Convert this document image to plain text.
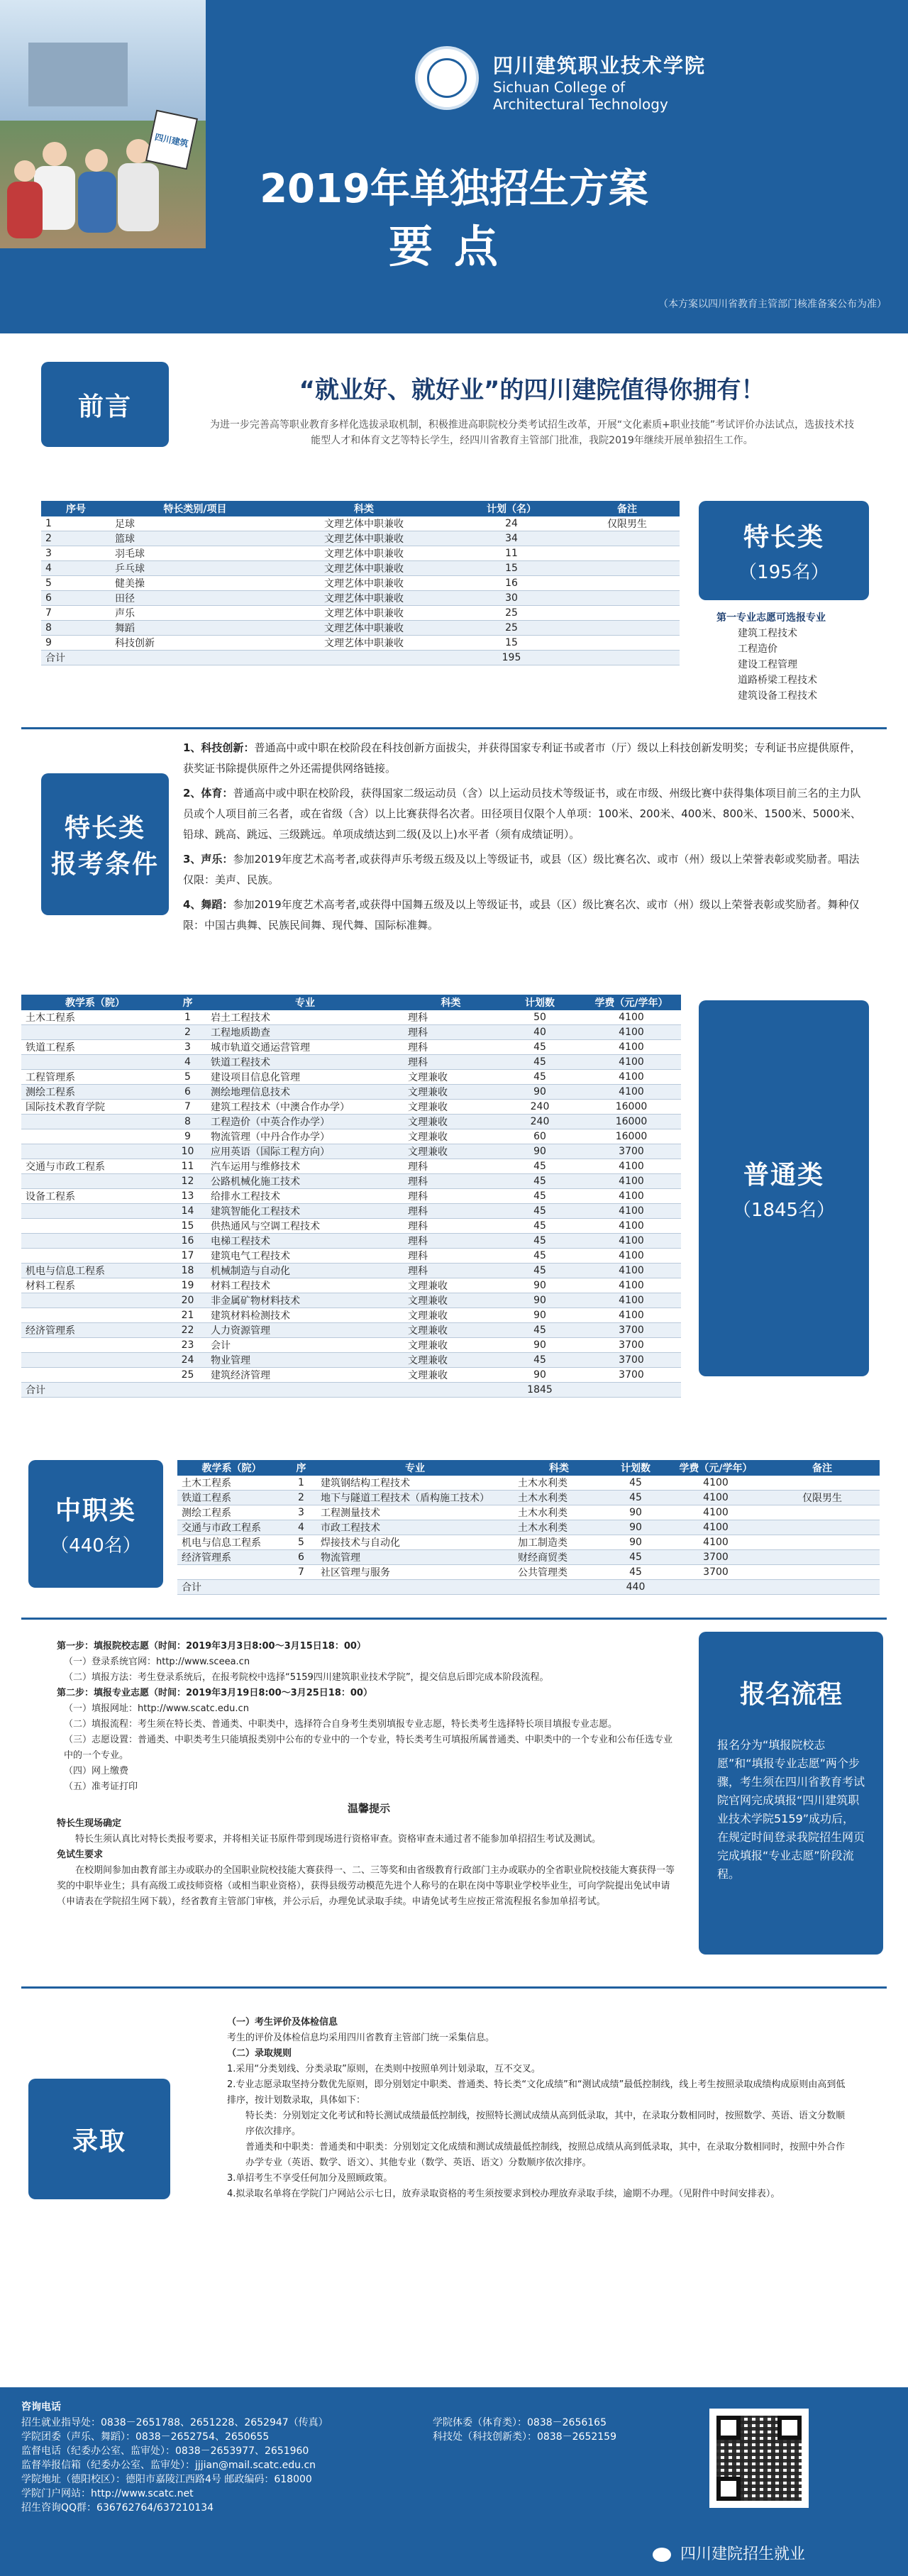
四川建筑
四川建筑职业技术学院
Sichuan College of
Architectural Technology
2019年单独招生方案
要点
（本方案以四川省教育主管部门核准备案公布为准）
前言
“就业好、就好业”的四川建院值得你拥有！
为进一步完善高等职业教育多样化选拔录取机制，积极推进高职院校分类考试招生改革，开展“文化素质+职业技能”考试评价办法试点，选拔技术技能型人才和体育文艺等特长学生，经四川省教育主管部门批准，我院2019年继续开展单独招生工作。
序号	特长类别/项目	科类	计划（名）	备注
1	足球	文理艺体中职兼收	24	仅限男生
2	篮球	文理艺体中职兼收	34	
3	羽毛球	文理艺体中职兼收	11	
4	乒乓球	文理艺体中职兼收	15	
5	健美操	文理艺体中职兼收	16	
6	田径	文理艺体中职兼收	30	
7	声乐	文理艺体中职兼收	25	
8	舞蹈	文理艺体中职兼收	25	
9	科技创新	文理艺体中职兼收	15	
合计			195	
特长类
（195名）
第一专业志愿可选报专业
建筑工程技术
工程造价
建设工程管理
道路桥梁工程技术
建筑设备工程技术
特长类
报考条件

1、科技创新：普通高中或中职在校阶段在科技创新方面拔尖，并获得国家专利证书或者市（厅）级以上科技创新发明奖；专利证书应提供原件，获奖证书除提供原件之外还需提供网络链接。

2、体育：普通高中或中职在校阶段，获得国家二级运动员（含）以上运动员技术等级证书，或在市级、州级比赛中获得集体项目前三名的主力队员或个人项目前三名者，或在省级（含）以上比赛获得名次者。田径项目仅限个人单项：100米、200米、400米、800米、1500米、5000米、铅球、跳高、跳远、三级跳远。单项成绩达到二级(及以上)水平者（须有成绩证明）。

3、声乐：参加2019年度艺术高考者,或获得声乐考级五级及以上等级证书，或县（区）级比赛名次、或市（州）级以上荣誉表彰或奖励者。唱法仅限：美声、民族。

4、舞蹈：参加2019年度艺术高考者,或获得中国舞五级及以上等级证书，或县（区）级比赛名次、或市（州）级以上荣誉表彰或奖励者。舞种仅限：中国古典舞、民族民间舞、现代舞、国际标准舞。

教学系（院）	序	专业	科类	计划数	学费（元/学年）
土木工程系	1	岩土工程技术	理科	50	4100
	2	工程地质勘查	理科	40	4100
铁道工程系	3	城市轨道交通运营管理	理科	45	4100
	4	铁道工程技术	理科	45	4100
工程管理系	5	建设项目信息化管理	文理兼收	45	4100
测绘工程系	6	测绘地理信息技术	文理兼收	90	4100
国际技术教育学院	7	建筑工程技术（中澳合作办学）	文理兼收	240	16000
	8	工程造价（中英合作办学）	文理兼收	240	16000
	9	物流管理（中丹合作办学）	文理兼收	60	16000
	10	应用英语（国际工程方向）	文理兼收	90	3700
交通与市政工程系	11	汽车运用与维修技术	理科	45	4100
	12	公路机械化施工技术	理科	45	4100
设备工程系	13	给排水工程技术	理科	45	4100
	14	建筑智能化工程技术	理科	45	4100
	15	供热通风与空调工程技术	理科	45	4100
	16	电梯工程技术	理科	45	4100
	17	建筑电气工程技术	理科	45	4100
机电与信息工程系	18	机械制造与自动化	理科	45	4100
材料工程系	19	材料工程技术	文理兼收	90	4100
	20	非金属矿物材料技术	文理兼收	90	4100
	21	建筑材料检测技术	文理兼收	90	4100
经济管理系	22	人力资源管理	文理兼收	45	3700
	23	会计	文理兼收	90	3700
	24	物业管理	文理兼收	45	3700
	25	建筑经济管理	文理兼收	90	3700
合计				1845	
普通类
（1845名）
中职类
（440名）
教学系（院）	序	专业	科类	计划数	学费（元/学年）	备注
土木工程系	1	建筑钢结构工程技术	土木水利类	45	4100	
铁道工程系	2	地下与隧道工程技术（盾构施工技术）	土木水利类	45	4100	仅限男生
测绘工程系	3	工程测量技术	土木水利类	90	4100	
交通与市政工程系	4	市政工程技术	土木水利类	90	4100	
机电与信息工程系	5	焊接技术与自动化	加工制造类	90	4100	
经济管理系	6	物流管理	财经商贸类	45	3700	
	7	社区管理与服务	公共管理类	45	3700	
合计				440		

第一步：填报院校志愿（时间：2019年3月3日8:00～3月15日18：00）

（一）登录系统官网：http://www.sceea.cn

（二）填报方法：考生登录系统后，在报考院校中选择“5159四川建筑职业技术学院”，提交信息后即完成本阶段流程。

第二步：填报专业志愿（时间：2019年3月19日8:00～3月25日18：00）

（一）填报网址：http://www.scatc.edu.cn

（二）填报流程：考生须在特长类、普通类、中职类中，选择符合自身考生类别填报专业志愿，特长类考生选择特长项目填报专业志愿。

（三）志愿设置：普通类、中职类考生只能填报类别中公布的专业中的一个专业，特长类考生可填报所属普通类、中职类中的一个专业和公布任选专业中的一个专业。

（四）网上缴费

（五）准考证打印

温馨提示

特长生现场确定

特长生须认真比对特长类报考要求，并将相关证书原件带到现场进行资格审查。资格审查未通过者不能参加单招招生考试及测试。

免试生要求

在校期间参加由教育部主办或联办的全国职业院校技能大赛获得一、二、三等奖和由省级教育行政部门主办或联办的全省职业院校技能大赛获得一等奖的中职毕业生；具有高级工或技师资格（或相当职业资格），获得县级劳动模范先进个人称号的在职在岗中等职业学校毕业生，可向学院提出免试申请（申请表在学院招生网下载），经省教育主管部门审核，并公示后，办理免试录取手续。申请免试考生应按正常流程报名参加单招考试。

报名流程
报名分为“填报院校志愿”和“填报专业志愿”两个步骤，考生须在四川省教育考试院官网完成填报“四川建筑职业技术学院5159”成功后，在规定时间登录我院招生网页完成填报“专业志愿”阶段流程。
录取

（一）考生评价及体检信息

考生的评价及体检信息均采用四川省教育主管部门统一采集信息。

（二）录取规则

1.采用“分类划线、分类录取”原则，在类则中按照单列计划录取，互不交叉。

2.专业志愿录取坚持分数优先原则，即分别划定中职类、普通类、特长类“文化成绩”和“测试成绩”最低控制线，线上考生按照录取成绩构成原则由高到低排序，按计划数录取，具体如下：

特长类：分别划定文化考试和特长测试成绩最低控制线，按照特长测试成绩从高到低录取，其中，在录取分数相同时，按照数学、英语、语文分数顺序依次排序。

普通类和中职类：普通类和中职类：分别划定文化成绩和测试成绩最低控制线，按照总成绩从高到低录取，其中，在录取分数相同时，按照中外合作办学专业（英语、数学、语文）、其他专业（数学、英语、语文）分数顺序依次排序。

3.单招考生不享受任何加分及照顾政策。

4.拟录取名单将在学院门户网站公示七日，放弃录取资格的考生须按要求到校办理放弃录取手续，逾期不办理。（见附件中时间安排表）。

咨询电话
招生就业指导处：0838－2651788、2651228、2652947（传真）
学院团委（声乐、舞蹈）：0838－2652754、2650655
监督电话（纪委办公室、监审处）：0838－2653977、2651960
监督举报信箱（纪委办公室、监审处）：jjjian@mail.scatc.edu.cn
学院地址（德阳校区）：德阳市嘉陵江西路4号 邮政编码：618000
学院门户网站：http://www.scatc.net
招生咨询QQ群：636762764/637210134
学院体委（体育类）：0838－2656165
科技处（科技创新类）：0838－2652159
四川建院招生就业
